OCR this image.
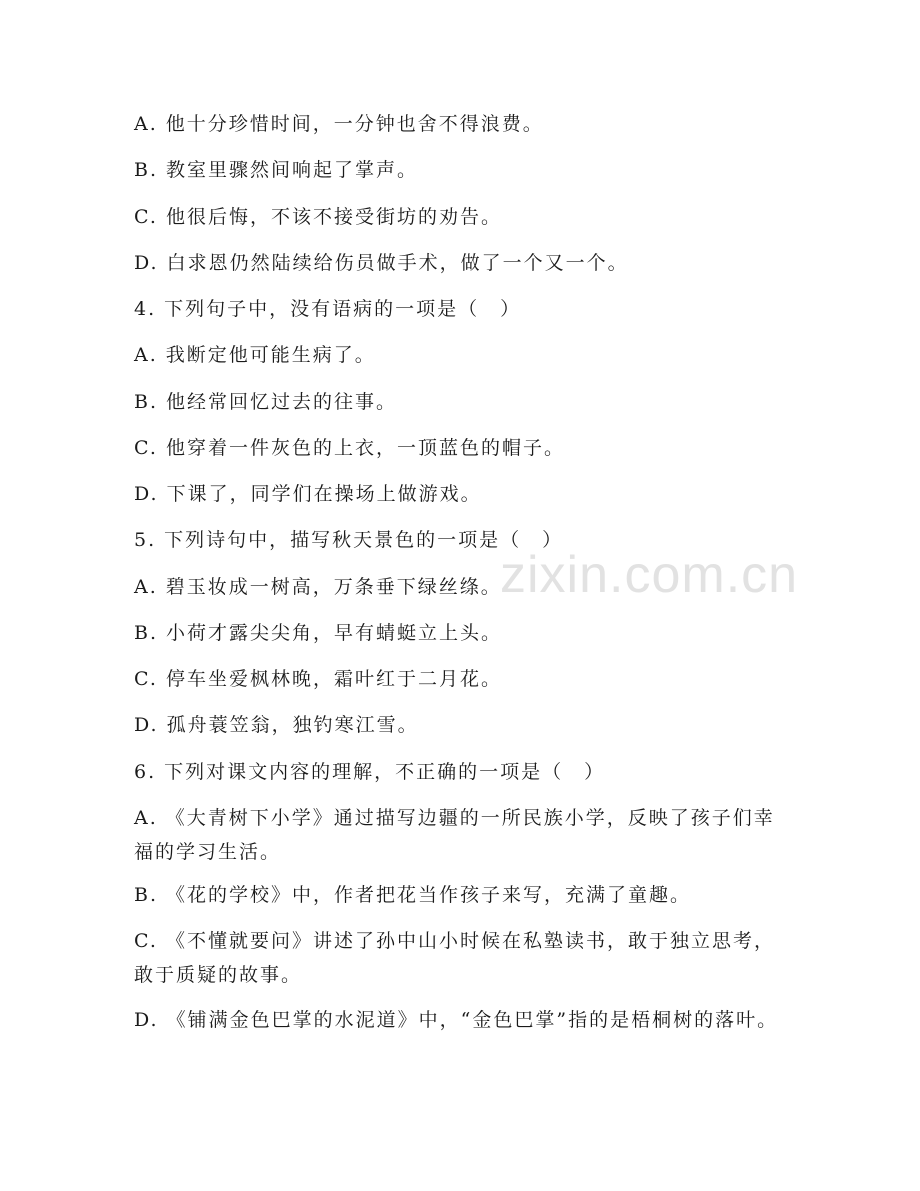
zixin.com.cn
A. 他十分珍惜时间，一分钟也舍不得浪费。
B. 教室里骤然间响起了掌声。
C. 他很后悔，不该不接受街坊的劝告。
D. 白求恩仍然陆续给伤员做手术，做了一个又一个。
4. 下列句子中，没有语病的一项是（　）
A. 我断定他可能生病了。
B. 他经常回忆过去的往事。
C. 他穿着一件灰色的上衣，一顶蓝色的帽子。
D. 下课了，同学们在操场上做游戏。
5. 下列诗句中，描写秋天景色的一项是（　）
A. 碧玉妆成一树高，万条垂下绿丝绦。
B. 小荷才露尖尖角，早有蜻蜓立上头。
C. 停车坐爱枫林晚，霜叶红于二月花。
D. 孤舟蓑笠翁，独钓寒江雪。
6. 下列对课文内容的理解，不正确的一项是（　）
A. 《大青树下小学》通过描写边疆的一所民族小学，反映了孩子们幸福的学习生活。
B. 《花的学校》中，作者把花当作孩子来写，充满了童趣。
C. 《不懂就要问》讲述了孙中山小时候在私塾读书，敢于独立思考，敢于质疑的故事。
D. 《铺满金色巴掌的水泥道》中，“金色巴掌”指的是梧桐树的落叶。
